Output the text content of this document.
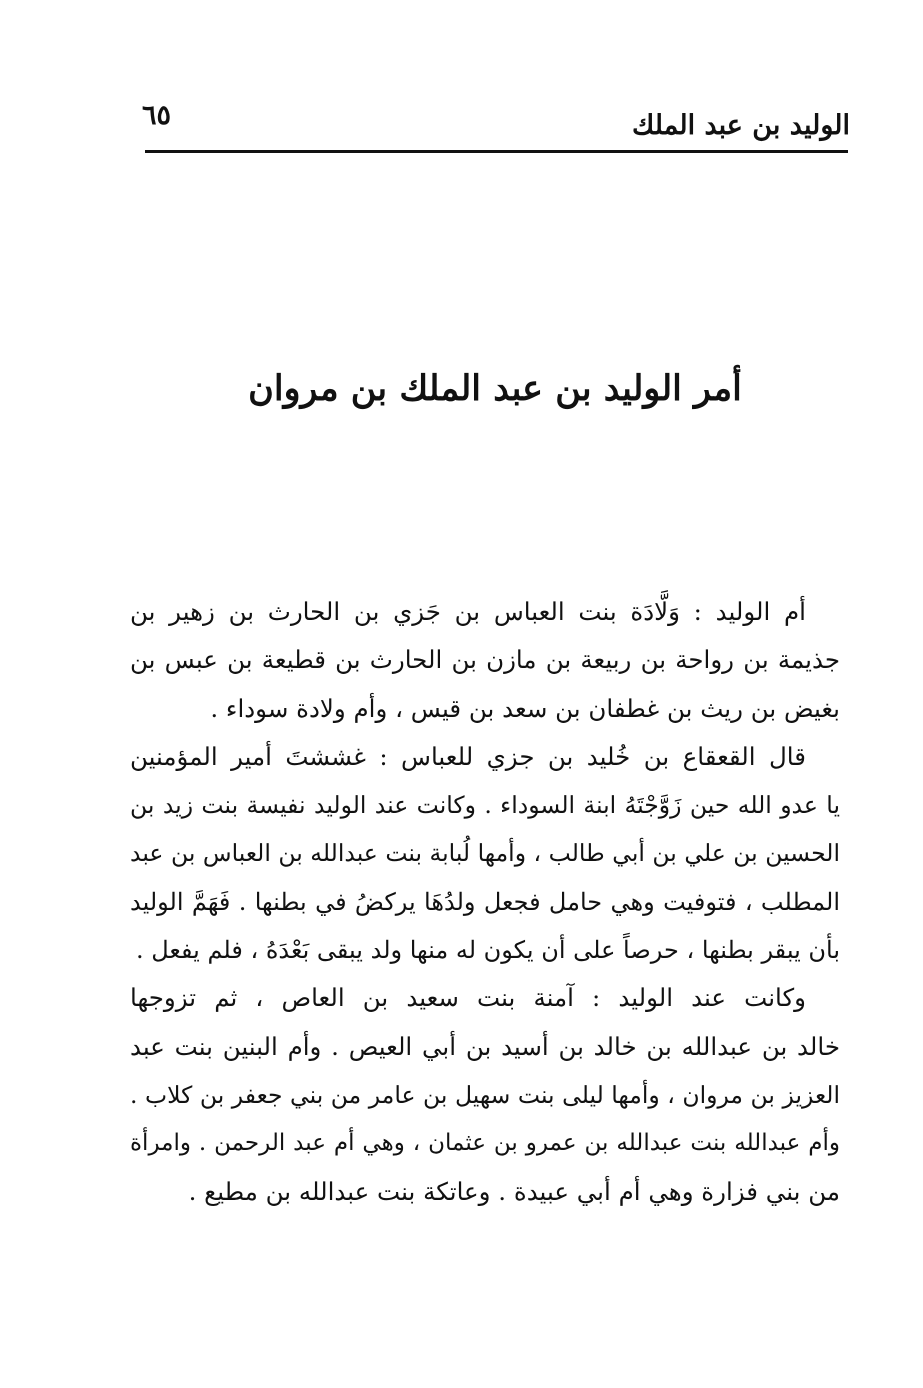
الوليد بن عبد الملك
٦٥
أمر الوليد بن عبد الملك بن مروان
أم الوليد : وَلَّادَة بنت العباس بن جَزي بن الحارث بن زهير بن
جذيمة بن رواحة بن ربيعة بن مازن بن الحارث بن قطيعة بن عبس بن
بغيض بن ريث بن غطفان بن سعد بن قيس ، وأم ولادة سوداء .
قال القعقاع بن خُليد بن جزي للعباس : غششتَ أمير المؤمنين
يا عدو الله حين زَوَّجْتَهُ ابنة السوداء . وكانت عند الوليد نفيسة بنت زيد بن
الحسين بن علي بن أبي طالب ، وأمها لُبابة بنت عبدالله بن العباس بن عبد
المطلب ، فتوفيت وهي حامل فجعل ولدُهَا يركضُ في بطنها . فَهَمَّ الوليد
بأن يبقر بطنها ، حرصاً على أن يكون له منها ولد يبقى بَعْدَهُ ، فلم يفعل .
وكانت عند الوليد : آمنة بنت سعيد بن العاص ، ثم تزوجها
خالد بن عبدالله بن خالد بن أسيد بن أبي العيص . وأم البنين بنت عبد
العزيز بن مروان ، وأمها ليلى بنت سهيل بن عامر من بني جعفر بن كلاب .
وأم عبدالله بنت عبدالله بن عمرو بن عثمان ، وهي أم عبد الرحمن . وامرأة
من بني فزارة وهي أم أبي عبيدة . وعاتكة بنت عبدالله بن مطيع .
